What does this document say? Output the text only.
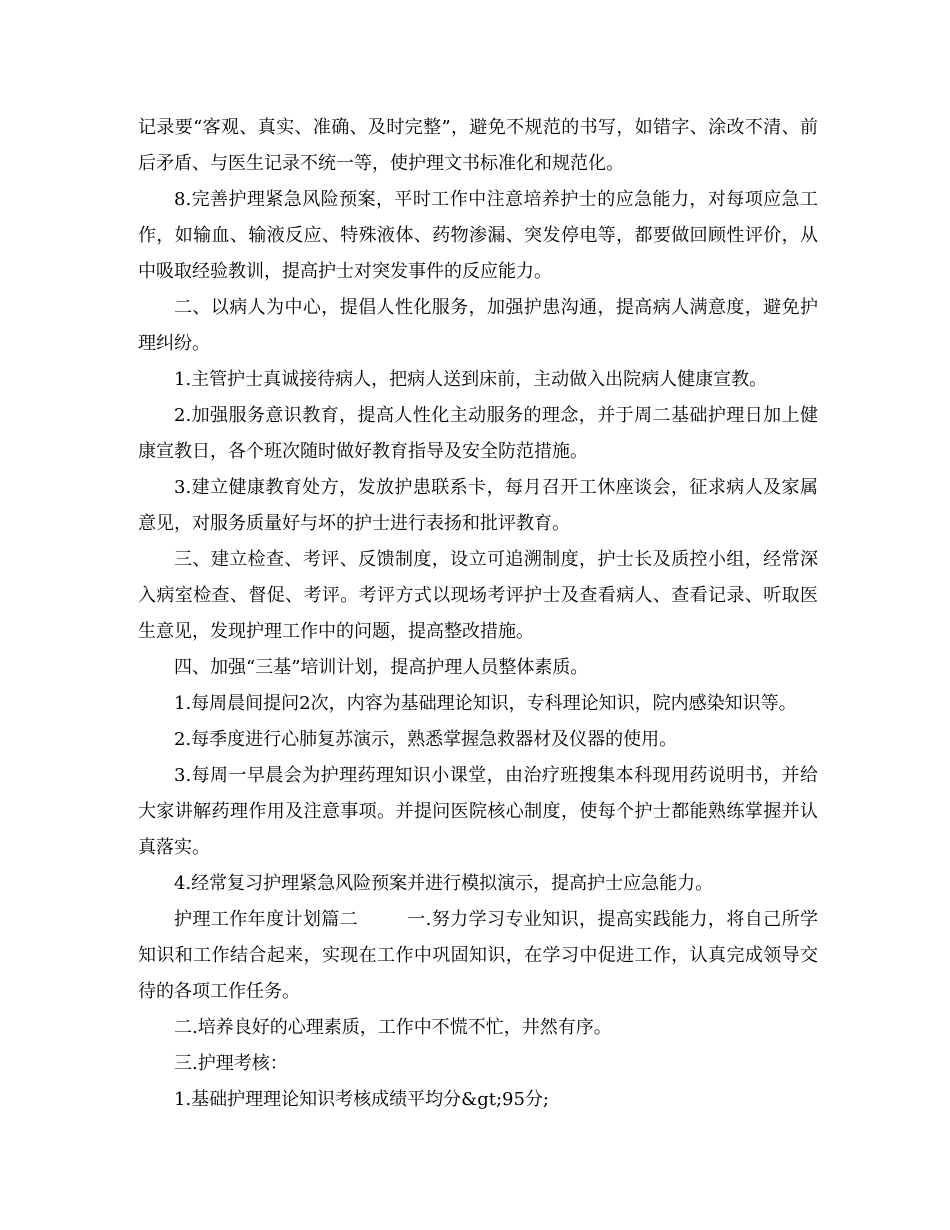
记录要“客观、真实、准确、及时完整”，避免不规范的书写，如错字、涂改不清、前后矛盾、与医生记录不统一等，使护理文书标准化和规范化。

8.完善护理紧急风险预案，平时工作中注意培养护士的应急能力，对每项应急工作，如输血、输液反应、特殊液体、药物渗漏、突发停电等，都要做回顾性评价，从中吸取经验教训，提高护士对突发事件的反应能力。

二、以病人为中心，提倡人性化服务，加强护患沟通，提高病人满意度，避免护理纠纷。

1.主管护士真诚接待病人，把病人送到床前，主动做入出院病人健康宣教。

2.加强服务意识教育，提高人性化主动服务的理念，并于周二基础护理日加上健康宣教日，各个班次随时做好教育指导及安全防范措施。

3.建立健康教育处方，发放护患联系卡，每月召开工休座谈会，征求病人及家属意见，对服务质量好与坏的护士进行表扬和批评教育。

三、建立检查、考评、反馈制度，设立可追溯制度，护士长及质控小组，经常深入病室检查、督促、考评。考评方式以现场考评护士及查看病人、查看记录、听取医生意见，发现护理工作中的问题，提高整改措施。

四、加强“三基”培训计划，提高护理人员整体素质。

1.每周晨间提问2次，内容为基础理论知识，专科理论知识，院内感染知识等。

2.每季度进行心肺复苏演示，熟悉掌握急救器材及仪器的使用。

3.每周一早晨会为护理药理知识小课堂，由治疗班搜集本科现用药说明书，并给大家讲解药理作用及注意事项。并提问医院核心制度，使每个护士都能熟练掌握并认真落实。

4.经常复习护理紧急风险预案并进行模拟演示，提高护士应急能力。

护理工作年度计划篇二        一.努力学习专业知识，提高实践能力，将自己所学知识和工作结合起来，实现在工作中巩固知识，在学习中促进工作，认真完成领导交待的各项工作任务。

二.培养良好的心理素质，工作中不慌不忙，井然有序。

三.护理考核：

1.基础护理理论知识考核成绩平均分&gt;95分;
